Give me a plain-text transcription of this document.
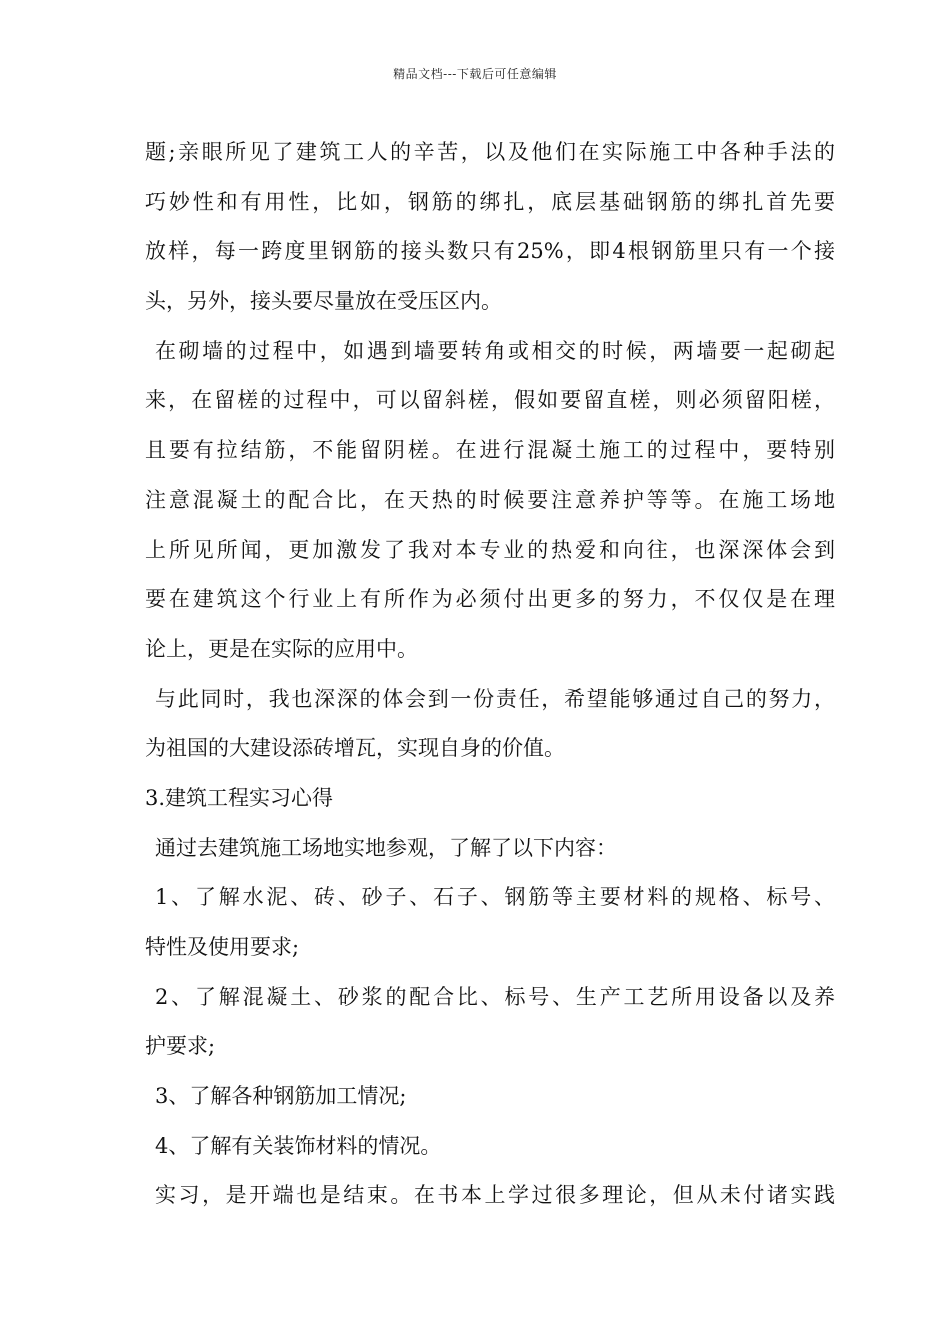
精品文档---下载后可任意编辑
题;亲眼所见了建筑工人的辛苦，以及他们在实际施工中各种手法的
巧妙性和有用性，比如，钢筋的绑扎，底层基础钢筋的绑扎首先要
放样，每一跨度里钢筋的接头数只有25%，即4根钢筋里只有一个接
头，另外，接头要尽量放在受压区内。
在砌墙的过程中，如遇到墙要转角或相交的时候，两墙要一起砌起
来，在留槎的过程中，可以留斜槎，假如要留直槎，则必须留阳槎，
且要有拉结筋，不能留阴槎。在进行混凝土施工的过程中，要特别
注意混凝土的配合比，在天热的时候要注意养护等等。在施工场地
上所见所闻，更加激发了我对本专业的热爱和向往，也深深体会到
要在建筑这个行业上有所作为必须付出更多的努力，不仅仅是在理
论上，更是在实际的应用中。
与此同时，我也深深的体会到一份责任，希望能够通过自己的努力，
为祖国的大建设添砖增瓦，实现自身的价值。
3.建筑工程实习心得
通过去建筑施工场地实地参观，了解了以下内容：
1、了解水泥、砖、砂子、石子、钢筋等主要材料的规格、标号、
特性及使用要求;
2、了解混凝土、砂浆的配合比、标号、生产工艺所用设备以及养
护要求;
3、了解各种钢筋加工情况;
4、了解有关装饰材料的情况。
实习，是开端也是结束。在书本上学过很多理论，但从未付诸实践
